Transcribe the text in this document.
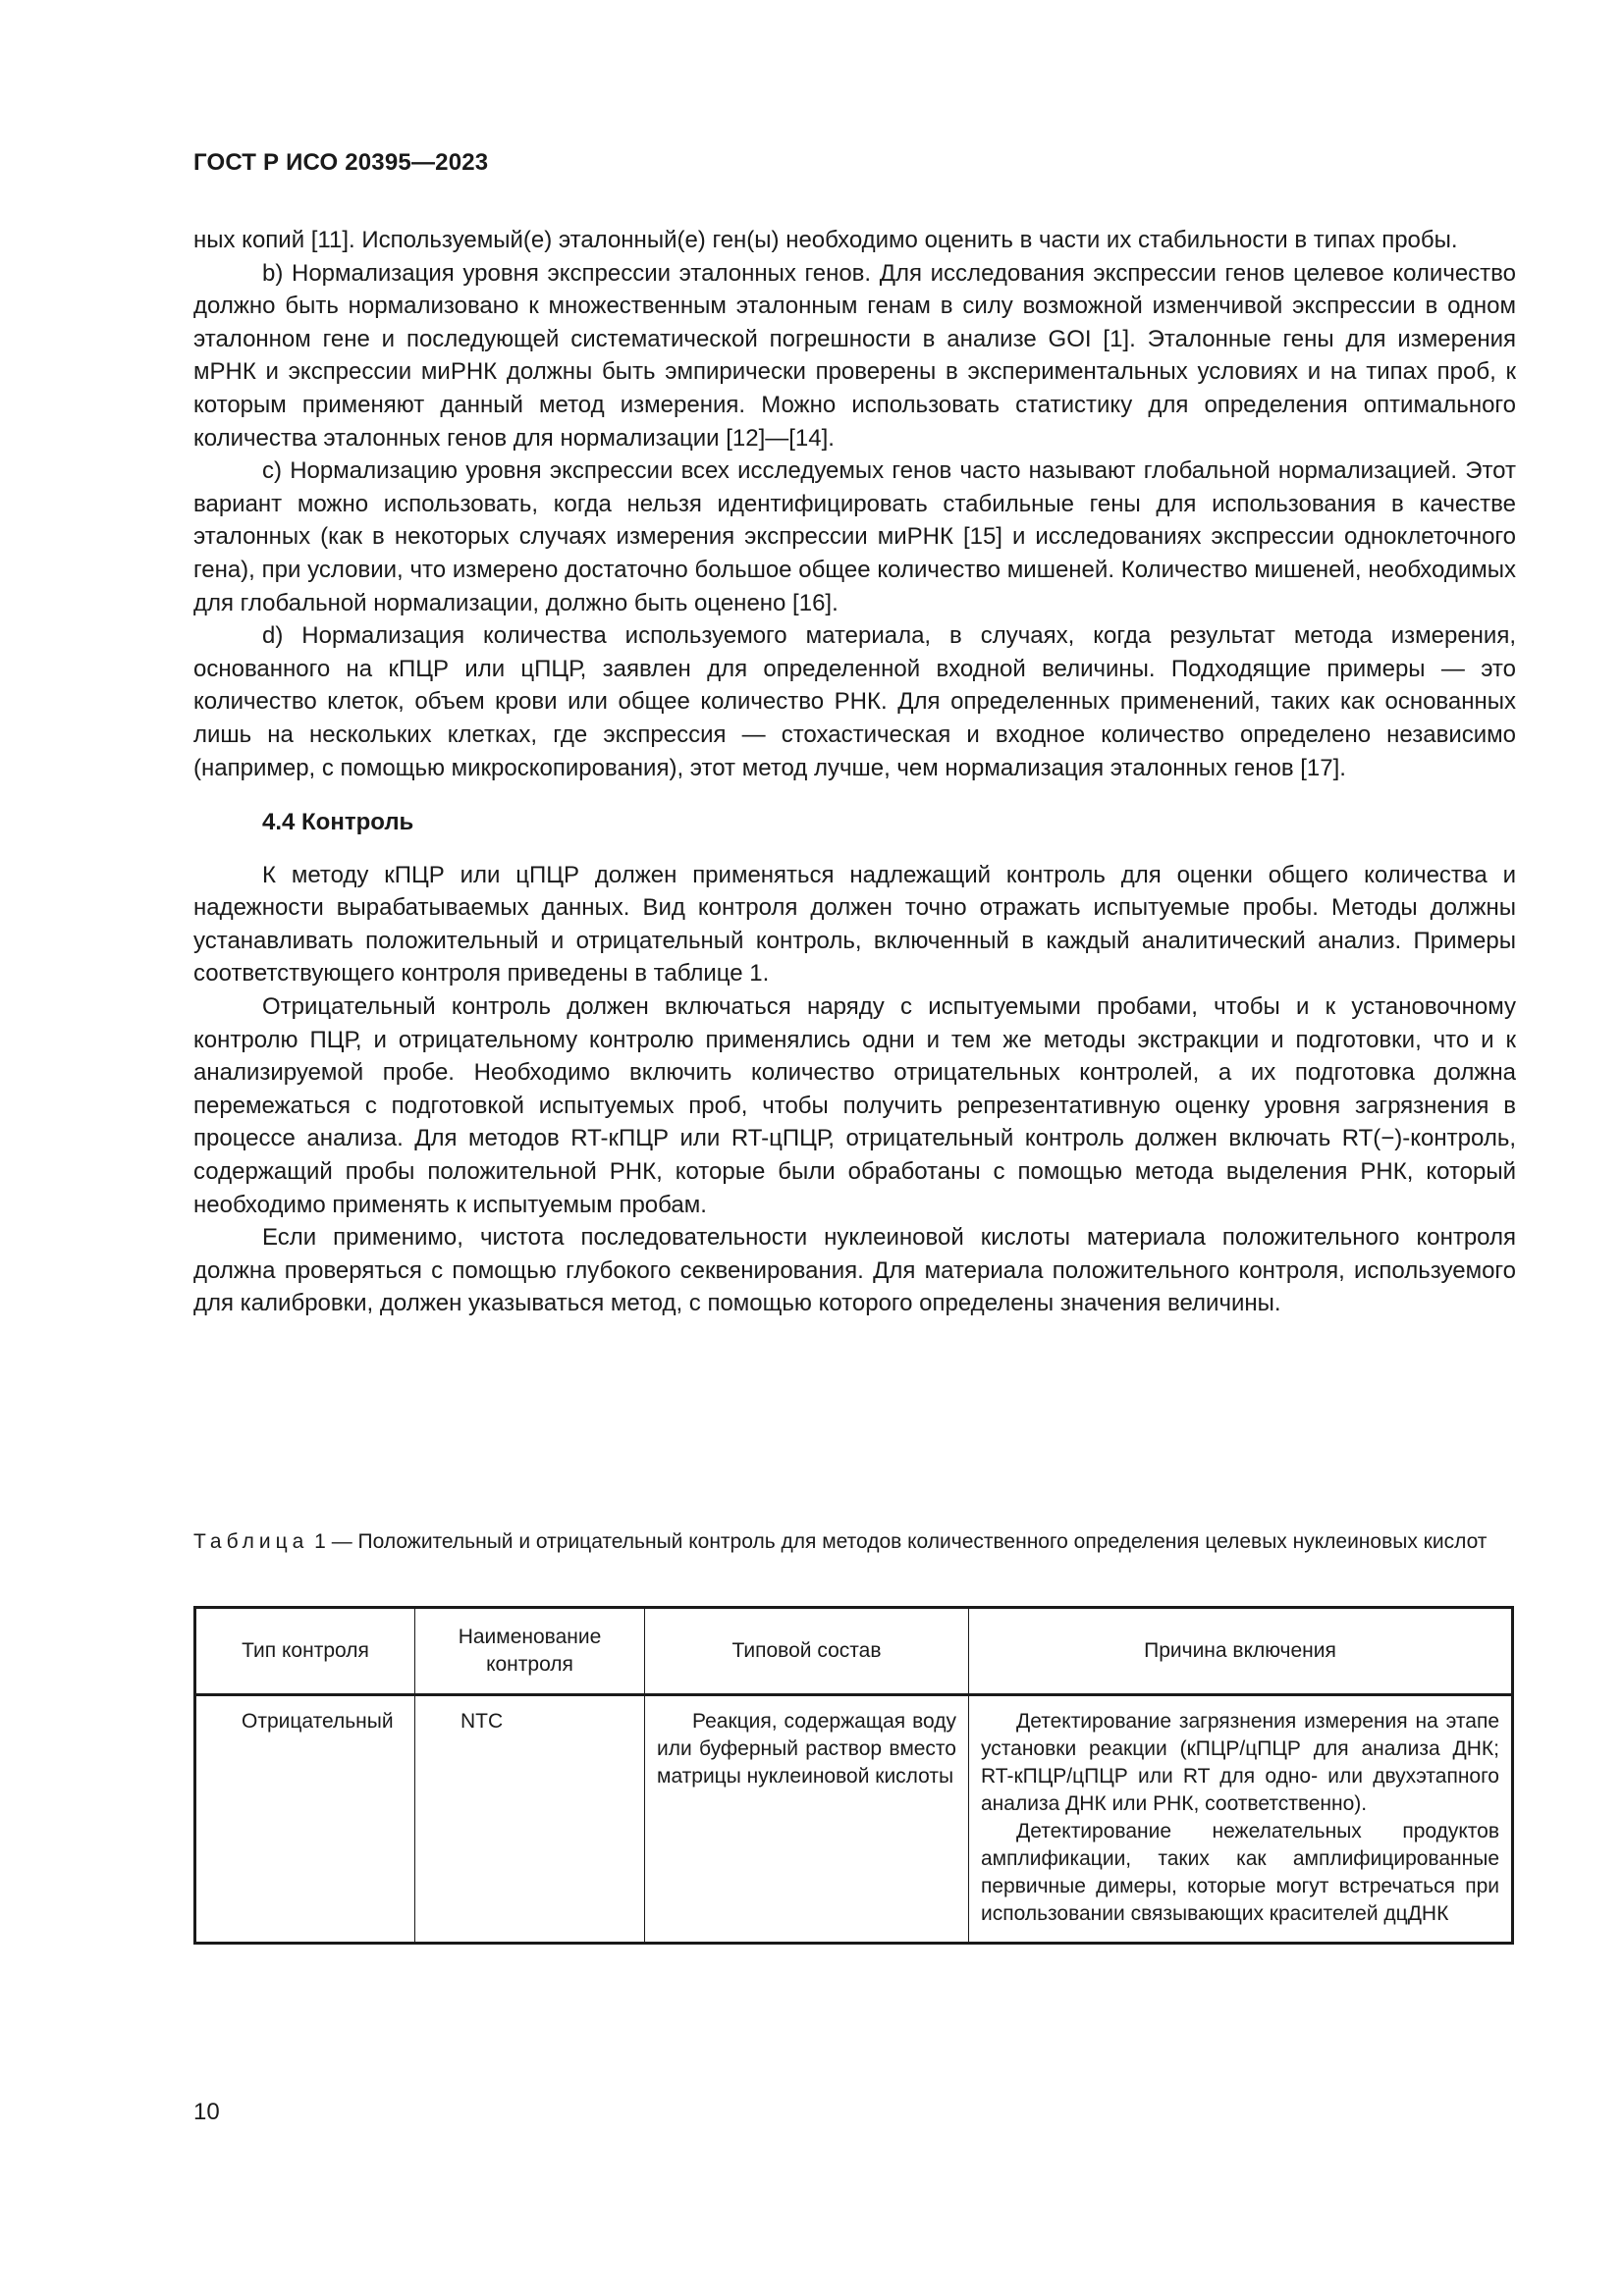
ГОСТ Р ИСО 20395—2023

ных копий [11]. Используемый(е) эталонный(е) ген(ы) необходимо оценить в части их стабильности в типах пробы.

b) Нормализация уровня экспрессии эталонных генов. Для исследования экспрессии генов целевое количество должно быть нормализовано к множественным эталонным генам в силу возможной изменчивой экспрессии в одном эталонном гене и последующей систематической погрешности в анализе GOI [1]. Эталонные гены для измерения мРНК и экспрессии миРНК должны быть эмпирически проверены в экспериментальных условиях и на типах проб, к которым применяют данный метод измерения. Можно использовать статистику для определения оптимального количества эталонных генов для нормализации [12]—[14].

c) Нормализацию уровня экспрессии всех исследуемых генов часто называют глобальной нормализацией. Этот вариант можно использовать, когда нельзя идентифицировать стабильные гены для использования в качестве эталонных (как в некоторых случаях измерения экспрессии миРНК [15] и исследованиях экспрессии одноклеточного гена), при условии, что измерено достаточно большое общее количество мишеней. Количество мишеней, необходимых для глобальной нормализации, должно быть оценено [16].

d) Нормализация количества используемого материала, в случаях, когда результат метода измерения, основанного на кПЦР или цПЦР, заявлен для определенной входной величины. Подходящие примеры — это количество клеток, объем крови или общее количество РНК. Для определенных применений, таких как основанных лишь на нескольких клетках, где экспрессия — стохастическая и входное количество определено независимо (например, с помощью микроскопирования), этот метод лучше, чем нормализация эталонных генов [17].

4.4 Контроль

К методу кПЦР или цПЦР должен применяться надлежащий контроль для оценки общего количества и надежности вырабатываемых данных. Вид контроля должен точно отражать испытуемые пробы. Методы должны устанавливать положительный и отрицательный контроль, включенный в каждый аналитический анализ. Примеры соответствующего контроля приведены в таблице 1.

Отрицательный контроль должен включаться наряду с испытуемыми пробами, чтобы и к установочному контролю ПЦР, и отрицательному контролю применялись одни и тем же методы экстракции и подготовки, что и к анализируемой пробе. Необходимо включить количество отрицательных контролей, а их подготовка должна перемежаться с подготовкой испытуемых проб, чтобы получить репрезентативную оценку уровня загрязнения в процессе анализа. Для методов RT-кПЦР или RT-цПЦР, отрицательный контроль должен включать RT(−)-контроль, содержащий пробы положительной РНК, которые были обработаны с помощью метода выделения РНК, который необходимо применять к испытуемым пробам.

Если применимо, чистота последовательности нуклеиновой кислоты материала положительного контроля должна проверяться с помощью глубокого секвенирования. Для материала положительного контроля, используемого для калибровки, должен указываться метод, с помощью которого определены значения величины.

Таблица 1 — Положительный и отрицательный контроль для методов количественного определения целевых нуклеиновых кислот
Тип контроля	Наименование контроля	Типовой состав	Причина включения
Отрицательный	NTC	Реакция, содержащая воду или буферный раствор вместо матрицы нуклеиновой кислоты	Детектирование загрязнения измерения на этапе установки реакции (кПЦР/цПЦР для анализа ДНК; RT-кПЦР/цПЦР или RT для одно- или двухэтапного анализа ДНК или РНК, соответственно).

Детектирование нежелательных продуктов амплификации, таких как амплифицированные первичные димеры, которые могут встречаться при использовании связывающих красителей дцДНК

10
